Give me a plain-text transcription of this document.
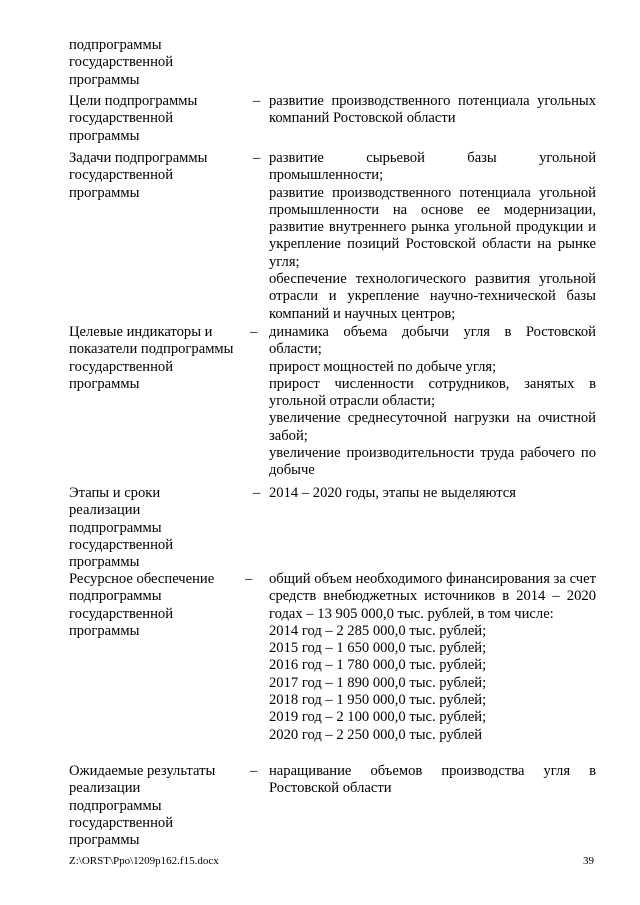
подпрограммы
государственной
программы
Цели подпрограммы
государственной
программы
– развитие производственного потенциала угольных компаний Ростовской области
Задачи подпрограммы
государственной
программы
– развитие сырьевой базы угольной промышленности;
развитие производственного потенциала угольной промышленности на основе ее модернизации, развитие внутреннего рынка угольной продукции и укрепление позиций Ростовской области на рынке угля;
обеспечение технологического развития угольной отрасли и укрепление научно-технической базы компаний и научных центров;
Целевые индикаторы и
показатели подпрограммы
государственной
программы
– динамика объема добычи угля в Ростовской области;
прирост мощностей по добыче угля;
прирост численности сотрудников, занятых в угольной отрасли области;
увеличение среднесуточной нагрузки на очистной забой;
увеличение производительности труда рабочего по добыче
Этапы и сроки
реализации
подпрограммы
государственной
программы
– 2014 – 2020 годы, этапы не выделяются
Ресурсное обеспечение
подпрограммы
государственной
программы
– общий объем необходимого финансирования за счет средств внебюджетных источников в 2014 – 2020 годах – 13 905 000,0 тыс. рублей, в том числе:
2014 год – 2 285 000,0 тыс. рублей;
2015 год – 1 650 000,0 тыс. рублей;
2016 год – 1 780 000,0 тыс. рублей;
2017 год – 1 890 000,0 тыс. рублей;
2018 год – 1 950 000,0 тыс. рублей;
2019 год – 2 100 000,0 тыс. рублей;
2020 год – 2 250 000,0 тыс. рублей
Ожидаемые результаты
реализации
подпрограммы
государственной
программы
– наращивание объемов производства угля в Ростовской области
Z:\ORST\Ppo\1209p162.f15.docx	39
